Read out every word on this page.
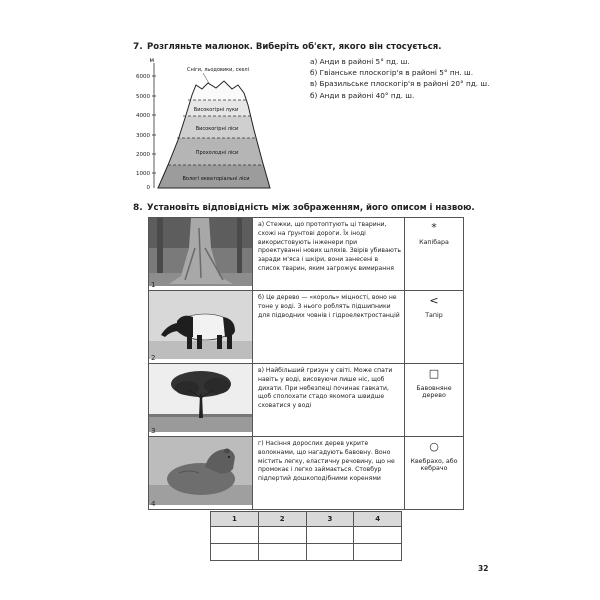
7. Розгляньте малюнок. Виберіть об'єкт, якого він стосується.
м
6000
5000
4000
3000
2000
1000
0
Сніги, льодовики, скелі
Високогірні луки
Високогірні ліси
Прохолодні ліси
Вологі екваторіальні ліси
а) Анди в районі 5° пд. ш.
б) Гвіанське плоскогір'я в районі 5° пн. ш.
в) Бразильське плоскогір'я в районі 20° пд. ш.
б) Анди в районі 40° пд. ш.
8. Установіть відповідність між зображенням, його описом і назвою.
1	а) Стежки, що протоптують ці тварини, схожі на ґрунтові дороги. Їх іноді використовують інженери при проектуванні нових шляхів. Звірів убивають заради м'яса і шкіри, вони занесені в список тварин, яким загрожує вимирання	*
Капібара

2	б) Це дерево — «король» міцності, воно не тоне у воді. З нього роблять підшипники для підводних човнів і гідроелектростанцій	<
Тапір

3	в) Найбільший гризун у світі. Може спати навіть у воді, висовуючи лише ніс, щоб дихати. При небезпеці починає гавкати, щоб сполохати стадо якомога швидше сховатися у воді	□
Бавовняне дерево

4	г) Насіння дорослих дерев укрите волокнами, що нагадують бавовну. Воно містить легку, еластичну речовину, що не промокає і легко займається. Стовбур підпертий дошкоподібними коренями	○
Квебрахо, або кебрачо
1	2	3	4

32
